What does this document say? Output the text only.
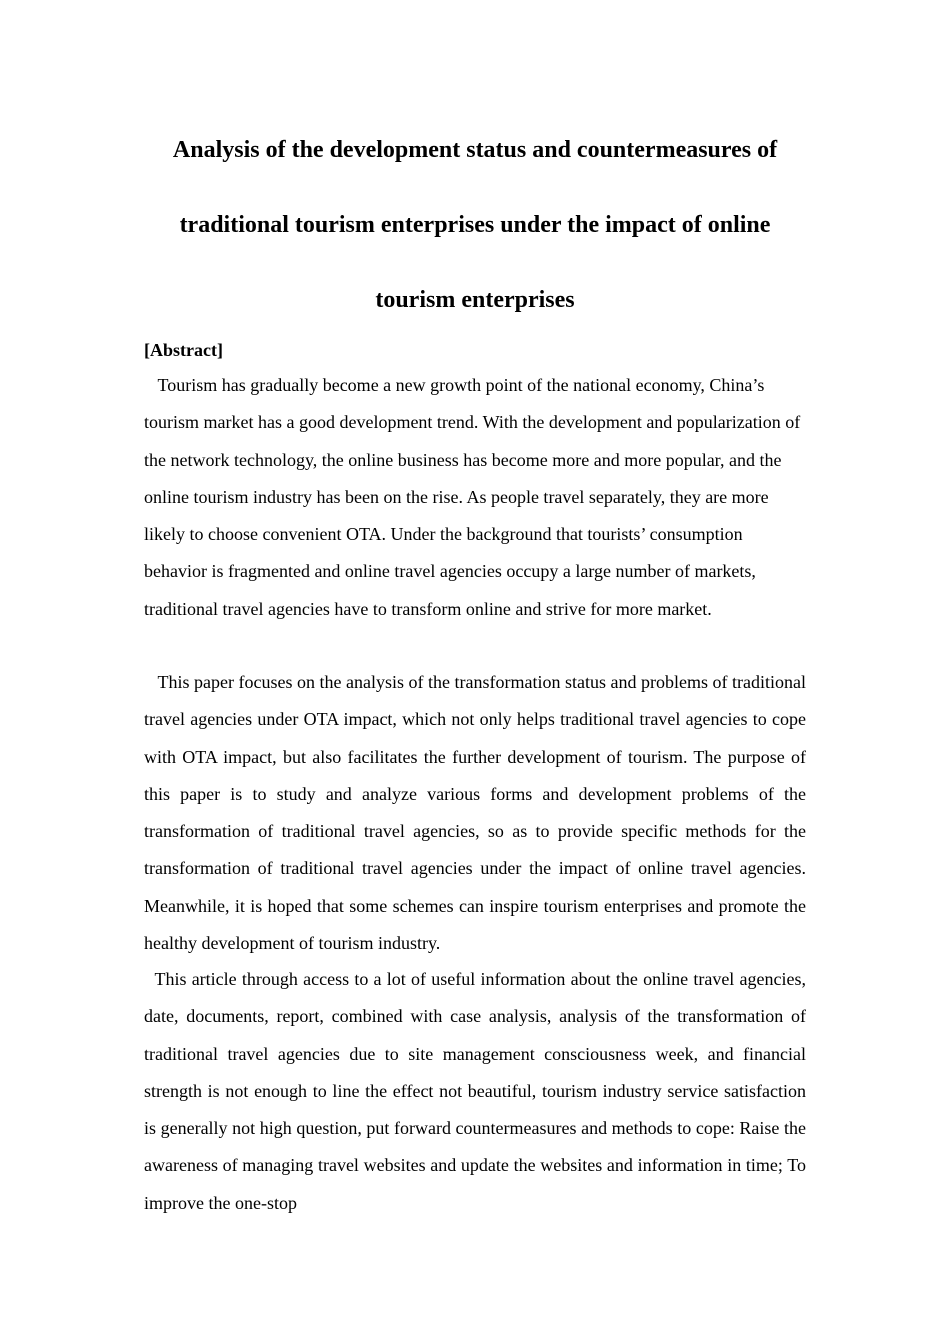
Analysis of the development status and countermeasures of
traditional tourism enterprises under the impact of online
tourism enterprises
[Abstract]

Tourism has gradually become a new growth point of the national economy, China’s tourism market has a good development trend. With the development and popularization of the network technology, the online business has become more and more popular, and the online tourism industry has been on the rise. As people travel separately, they are more likely to choose convenient OTA. Under the background that tourists’ consumption behavior is fragmented and online travel agencies occupy a large number of markets, traditional travel agencies have to transform online and strive for more market.

This paper focuses on the analysis of the transformation status and problems of traditional travel agencies under OTA impact, which not only helps traditional travel agencies to cope with OTA impact, but also facilitates the further development of tourism. The purpose of this paper is to study and analyze various forms and development problems of the transformation of traditional travel agencies, so as to provide specific methods for the transformation of traditional travel agencies under the impact of online travel agencies. Meanwhile, it is hoped that some schemes can inspire tourism enterprises and promote the healthy development of tourism industry.

This article through access to a lot of useful information about the online travel agencies, date, documents, report, combined with case analysis, analysis of the transformation of traditional travel agencies due to site management consciousness week, and financial strength is not enough to line the effect not beautiful, tourism industry service satisfaction is generally not high question, put forward countermeasures and methods to cope: Raise the awareness of managing travel websites and update the websites and information in time; To improve the one-stop
